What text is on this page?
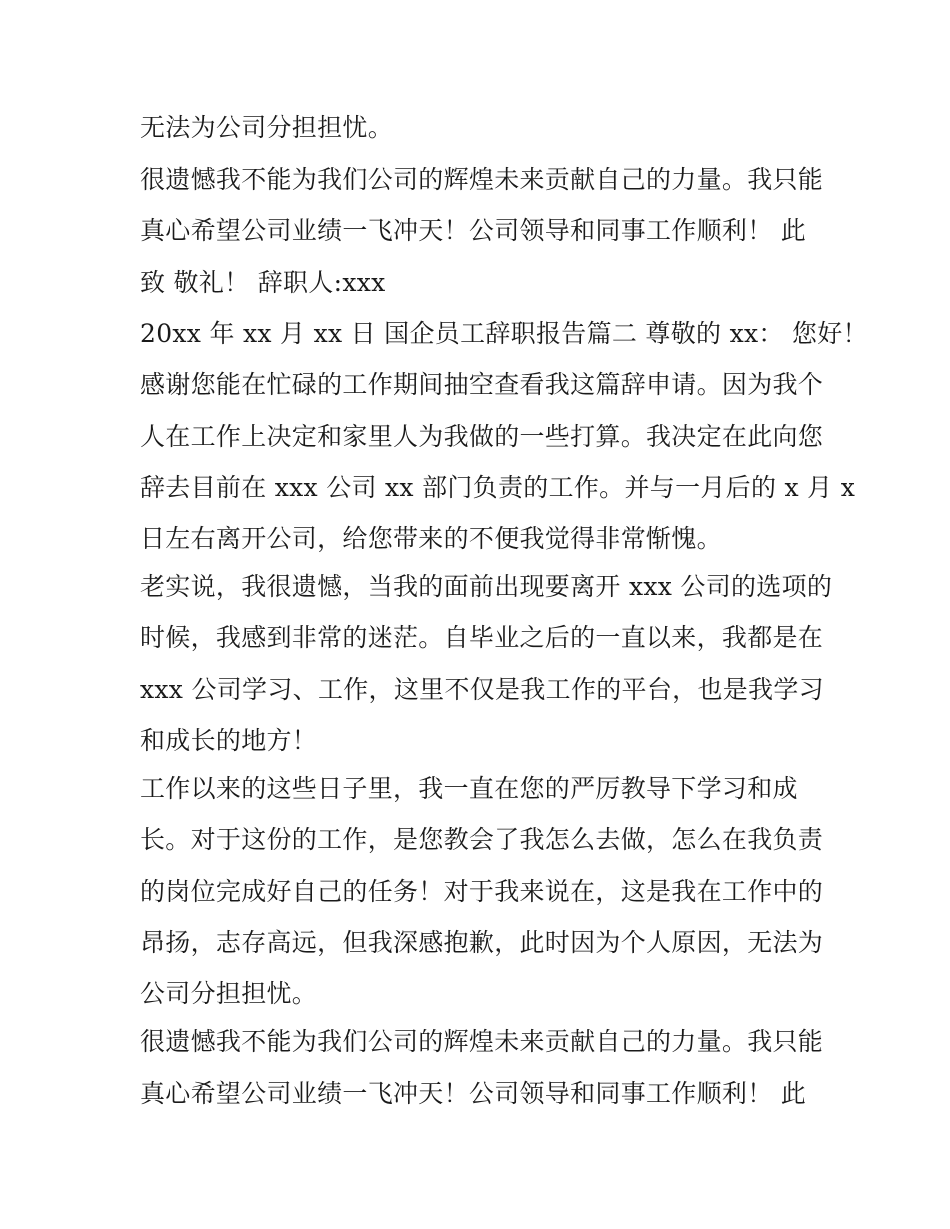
无法为公司分担担忧。
很遗憾我不能为我们公司的辉煌未来贡献自己的力量。我只能
真心希望公司业绩一飞冲天！公司领导和同事工作顺利！ 此
致 敬礼！ 辞职人:xxx
20xx 年 xx 月 xx 日 国企员工辞职报告篇二 尊敬的 xx： 您好！
感谢您能在忙碌的工作期间抽空查看我这篇辞申请。因为我个
人在工作上决定和家里人为我做的一些打算。我决定在此向您
辞去目前在 xxx 公司 xx 部门负责的工作。并与一月后的 x 月 x
日左右离开公司，给您带来的不便我觉得非常惭愧。
老实说，我很遗憾，当我的面前出现要离开 xxx 公司的选项的
时候，我感到非常的迷茫。自毕业之后的一直以来，我都是在
xxx 公司学习、工作，这里不仅是我工作的平台，也是我学习
和成长的地方！
工作以来的这些日子里，我一直在您的严厉教导下学习和成
长。对于这份的工作，是您教会了我怎么去做，怎么在我负责
的岗位完成好自己的任务！对于我来说在，这是我在工作中的
昂扬，志存高远，但我深感抱歉，此时因为个人原因，无法为
公司分担担忧。
很遗憾我不能为我们公司的辉煌未来贡献自己的力量。我只能
真心希望公司业绩一飞冲天！公司领导和同事工作顺利！ 此
